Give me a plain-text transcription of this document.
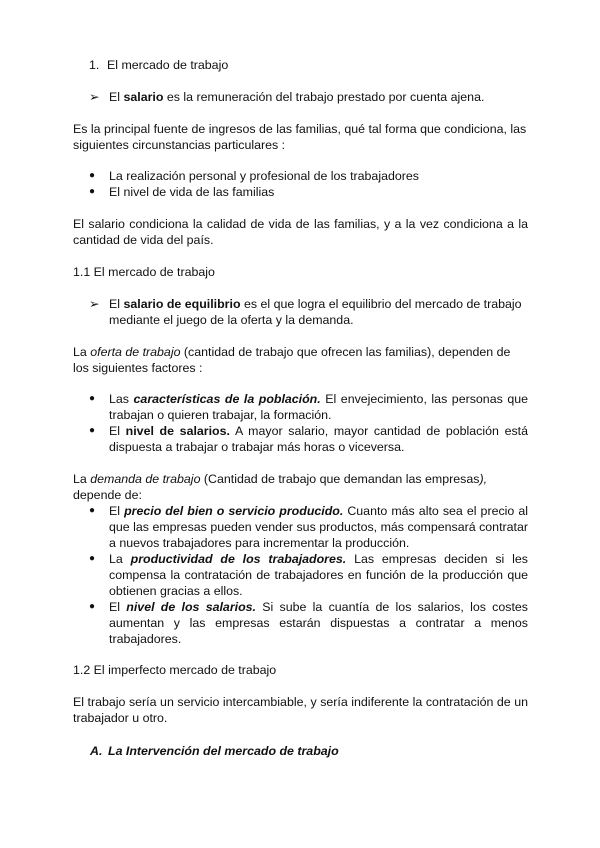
1. El mercado de trabajo

➢ El salario es la remuneración del trabajo prestado por cuenta ajena.

Es la principal fuente de ingresos de las familias, qué tal forma que condiciona, las siguientes circunstancias particulares :

● La realización personal y profesional de los trabajadores
● El nivel de vida de las familias

El salario condiciona la calidad de vida de las familias, y a la vez condiciona a la cantidad de vida del país.

1.1 El mercado de trabajo

➢ El salario de equilibrio es el que logra el equilibrio del mercado de trabajo mediante el juego de la oferta y la demanda.

La oferta de trabajo (cantidad de trabajo que ofrecen las familias), dependen de los siguientes factores :

● Las características de la población. El envejecimiento, las personas que trabajan o quieren trabajar, la formación.
● El nivel de salarios. A mayor salario, mayor cantidad de población está dispuesta a trabajar o trabajar más horas o viceversa.

La demanda de trabajo (Cantidad de trabajo que demandan las empresas), depende de:

● El precio del bien o servicio producido. Cuanto más alto sea el precio al que las empresas pueden vender sus productos, más compensará contratar a nuevos trabajadores para incrementar la producción.
● La productividad de los trabajadores. Las empresas deciden si les compensa la contratación de trabajadores en función de la producción que obtienen gracias a ellos.
● El nivel de los salarios. Si sube la cuantía de los salarios, los costes aumentan y las empresas estarán dispuestas a contratar a menos trabajadores.

1.2 El imperfecto mercado de trabajo

El trabajo sería un servicio intercambiable, y sería indiferente la contratación de un trabajador u otro.

A. La Intervención del mercado de trabajo
